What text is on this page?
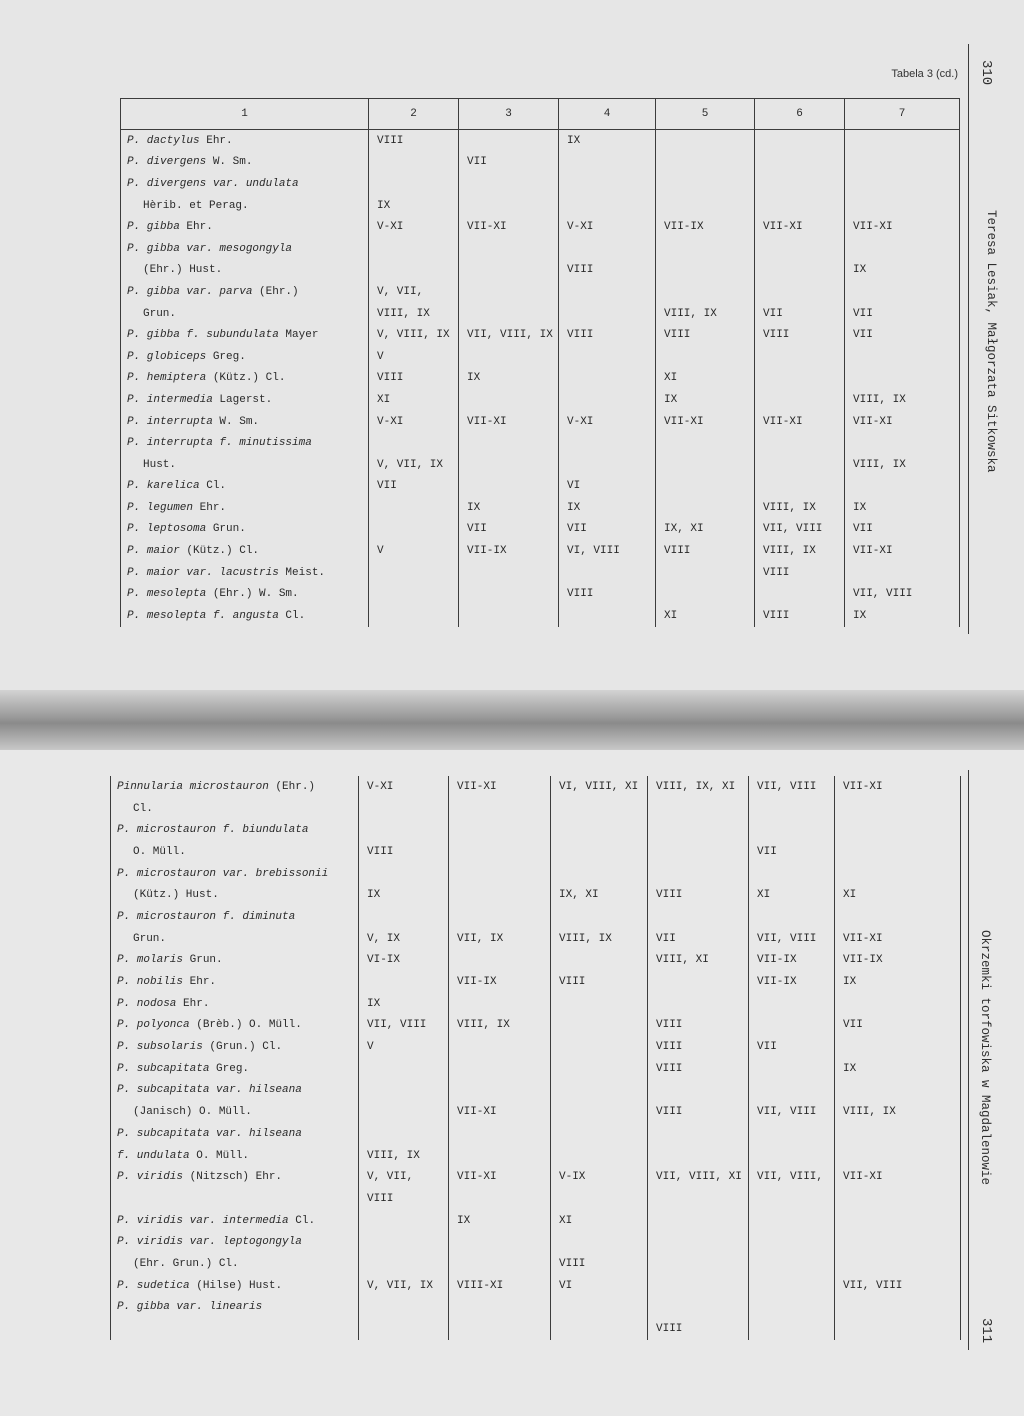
310
Tabela 3 (cd.)
Teresa Lesiak, Małgorzata Sitkowska
1	2	3	4	5	6	7
P. dactylus Ehr.	VIII		IX			
P. divergens W. Sm.		VII				
P. divergens var. undulata						
Hèrib. et Perag.	IX					
P. gibba Ehr.	V-XI	VII-XI	V-XI	VII-IX	VII-XI	VII-XI
P. gibba var. mesogongyla						
(Ehr.) Hust.			VIII			IX
P. gibba var. parva (Ehr.)	V, VII,					
Grun.	VIII, IX			VIII, IX	VII	VII
P. gibba f. subundulata Mayer	V, VIII, IX	VII, VIII, IX	VIII	VIII	VIII	VII
P. globiceps Greg.	V					
P. hemiptera (Kütz.) Cl.	VIII	IX		XI		
P. intermedia Lagerst.	XI			IX		VIII, IX
P. interrupta W. Sm.	V-XI	VII-XI	V-XI	VII-XI	VII-XI	VII-XI
P. interrupta f. minutissima						
Hust.	V, VII, IX					VIII, IX
P. karelica Cl.	VII		VI			
P. legumen Ehr.		IX	IX		VIII, IX	IX
P. leptosoma Grun.		VII	VII	IX, XI	VII, VIII	VII
P. maior (Kütz.) Cl.	V	VII-IX	VI, VIII	VIII	VIII, IX	VII-XI
P. maior var. lacustris Meist.					VIII	
P. mesolepta (Ehr.) W. Sm.			VIII			VII, VIII
P. mesolepta f. angusta Cl.				XI	VIII	IX
311
Okrzemki torfowiska w Magdalenowie
Pinnularia microstauron (Ehr.)	V-XI	VII-XI	VI, VIII, XI	VIII, IX, XI	VII, VIII	VII-XI
Cl.						
P. microstauron f. biundulata						
O. Müll.	VIII				VII	
P. microstauron var. brebissonii						
(Kütz.) Hust.	IX		IX, XI	VIII	XI	XI
P. microstauron f. diminuta						
Grun.	V, IX	VII, IX	VIII, IX	VII	VII, VIII	VII-XI
P. molaris Grun.	VI-IX			VIII, XI	VII-IX	VII-IX
P. nobilis Ehr.		VII-IX	VIII		VII-IX	IX
P. nodosa Ehr.	IX					
P. polyonca (Brèb.) O. Müll.	VII, VIII	VIII, IX		VIII		VII
P. subsolaris (Grun.) Cl.	V			VIII	VII	
P. subcapitata Greg.				VIII		IX
P. subcapitata var. hilseana						
(Janisch) O. Müll.		VII-XI		VIII	VII, VIII	VIII, IX
P. subcapitata var. hilseana						
f. undulata O. Müll.	VIII, IX					
P. viridis (Nitzsch) Ehr.	V, VII,	VII-XI	V-IX	VII, VIII, XI	VII, VIII,	VII-XI
	VIII					
P. viridis var. intermedia Cl.		IX	XI			
P. viridis var. leptogongyla						
(Ehr. Grun.) Cl.			VIII			
P. sudetica (Hilse) Hust.	V, VII, IX	VIII-XI	VI			VII, VIII
P. gibba var. linearis						
				VIII		
